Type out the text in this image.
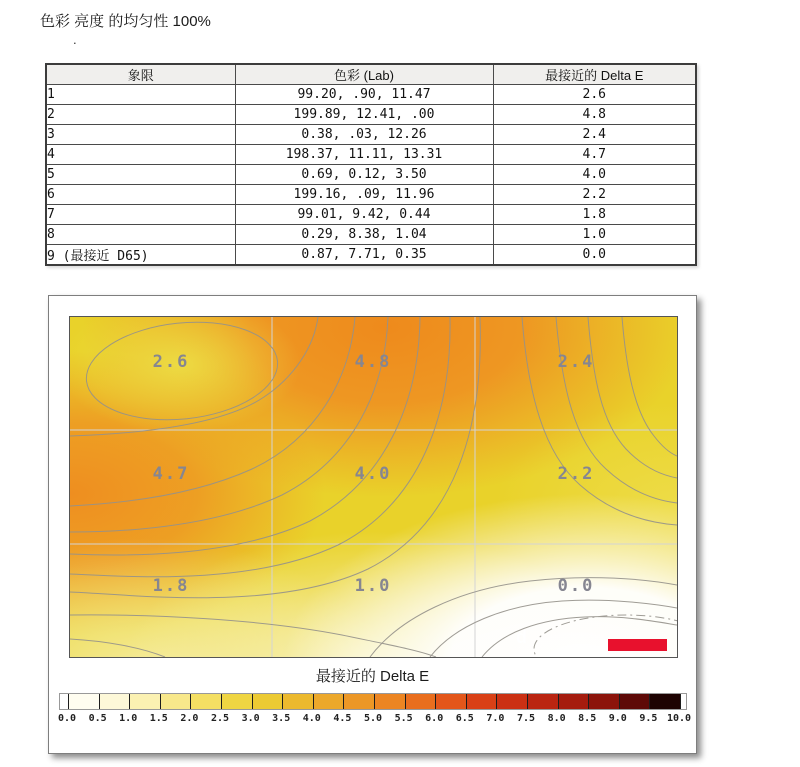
色彩 亮度 的均匀性 100%
.
象限	色彩 (Lab)	最接近的 Delta E
1	99.20, .90, 11.47	2.6
2	199.89, 12.41, .00	4.8
3	0.38, .03, 12.26	2.4
4	198.37, 11.11, 13.31	4.7
5	0.69, 0.12, 3.50	4.0
6	199.16, .09, 11.96	2.2
7	99.01, 9.42, 0.44	1.8
8	0.29, 8.38, 1.04	1.0
9 (最接近 D65)	0.87, 7.71, 0.35	0.0
d
2.6	4.8	2.4
4.7	4.0	2.2
1.8	1.0	0.0
最接近的 Delta E
0.0	0.5	1.0	1.5	2.0	2.5	3.0	3.5	4.0	4.5	5.0	5.5	6.0	6.5	7.0	7.5	8.0	8.5	9.0	9.5 10.0
